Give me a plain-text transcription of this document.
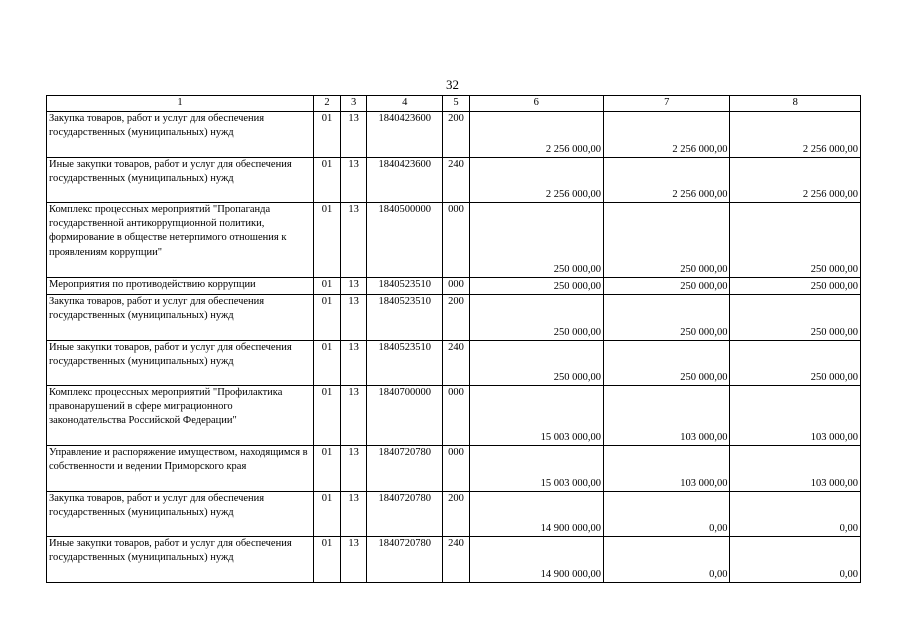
32
1	2	3	4	5	6	7	8
Закупка товаров, работ и услуг для обеспечения государственных (муниципальных) нужд	01	13	1840423600	200	2 256 000,00	2 256 000,00	2 256 000,00
Иные закупки товаров, работ и услуг для обеспечения государственных (муниципальных) нужд	01	13	1840423600	240	2 256 000,00	2 256 000,00	2 256 000,00
Комплекс процессных мероприятий "Пропаганда государственной антикоррупционной политики, формирование в обществе нетерпимого отношения к проявлениям коррупции"	01	13	1840500000	000	250 000,00	250 000,00	250 000,00
Мероприятия по противодействию коррупции	01	13	1840523510	000	250 000,00	250 000,00	250 000,00
Закупка товаров, работ и услуг для обеспечения государственных (муниципальных) нужд	01	13	1840523510	200	250 000,00	250 000,00	250 000,00
Иные закупки товаров, работ и услуг для обеспечения государственных (муниципальных) нужд	01	13	1840523510	240	250 000,00	250 000,00	250 000,00
Комплекс процессных мероприятий "Профилактика правонарушений в сфере миграционного законодательства Российской Федерации"	01	13	1840700000	000	15 003 000,00	103 000,00	103 000,00
Управление и распоряжение имуществом, находящимся в собственности и ведении Приморского края	01	13	1840720780	000	15 003 000,00	103 000,00	103 000,00
Закупка товаров, работ и услуг для обеспечения государственных (муниципальных) нужд	01	13	1840720780	200	14 900 000,00	0,00	0,00
Иные закупки товаров, работ и услуг для обеспечения государственных (муниципальных) нужд	01	13	1840720780	240	14 900 000,00	0,00	0,00
